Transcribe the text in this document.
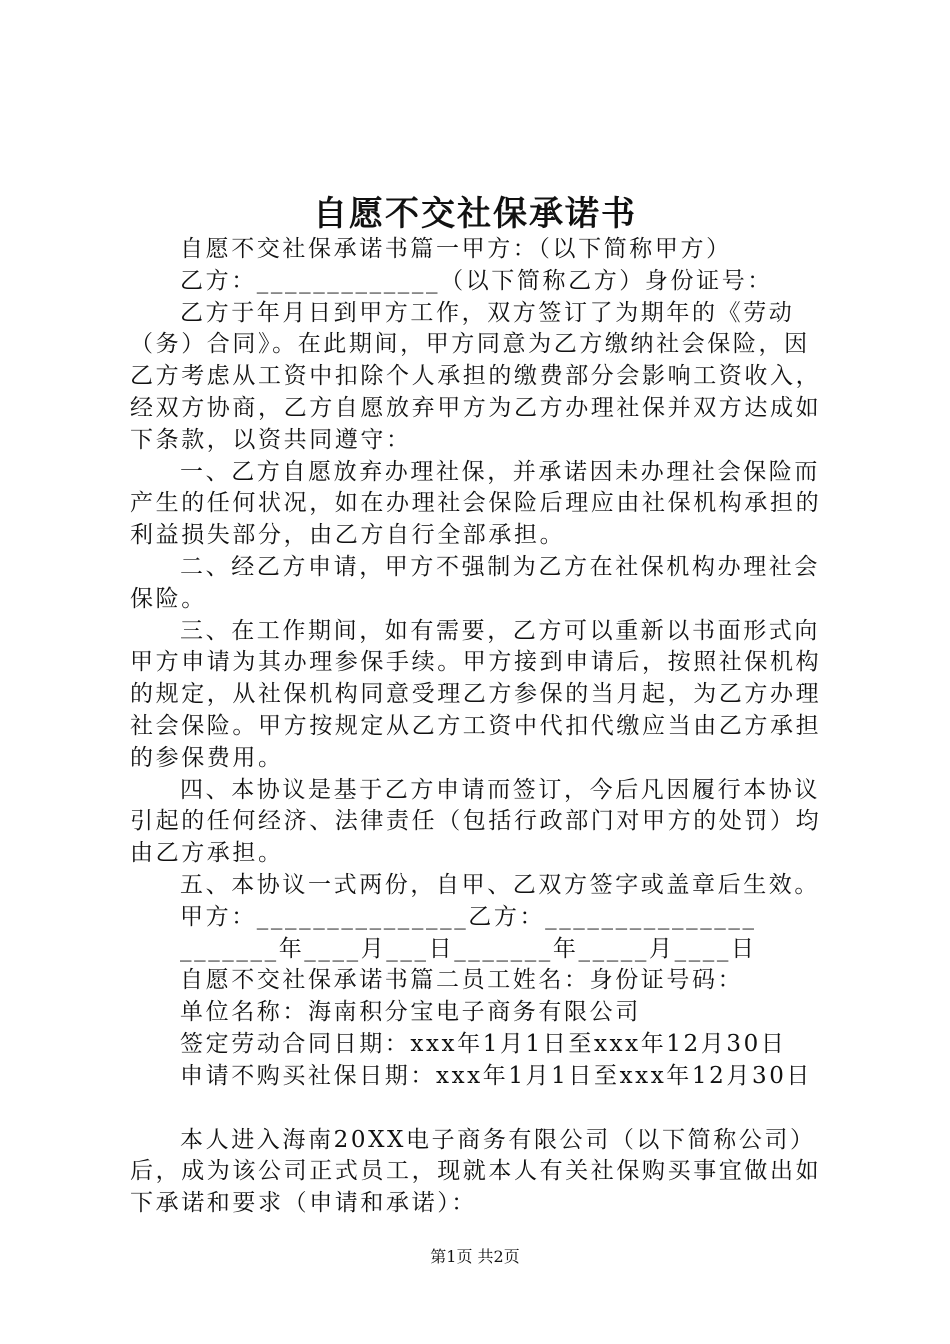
自愿不交社保承诺书

自愿不交社保承诺书篇一甲方：（以下简称甲方）

乙方：_____________（以下简称乙方）身份证号：

乙方于年月日到甲方工作，双方签订了为期年的《劳动（务）合同》。在此期间，甲方同意为乙方缴纳社会保险，因乙方考虑从工资中扣除个人承担的缴费部分会影响工资收入，经双方协商，乙方自愿放弃甲方为乙方办理社保并双方达成如下条款，以资共同遵守：

一、乙方自愿放弃办理社保，并承诺因未办理社会保险而产生的任何状况，如在办理社会保险后理应由社保机构承担的利益损失部分，由乙方自行全部承担。

二、经乙方申请，甲方不强制为乙方在社保机构办理社会保险。

三、在工作期间，如有需要，乙方可以重新以书面形式向甲方申请为其办理参保手续。甲方接到申请后，按照社保机构的规定，从社保机构同意受理乙方参保的当月起，为乙方办理社会保险。甲方按规定从乙方工资中代扣代缴应当由乙方承担的参保费用。

四、本协议是基于乙方申请而签订，今后凡因履行本协议引起的任何经济、法律责任（包括行政部门对甲方的处罚）均由乙方承担。

五、本协议一式两份，自甲、乙双方签字或盖章后生效。

甲方：_______________乙方：_______________

_______年____月___日_______年_____月____日

自愿不交社保承诺书篇二员工姓名：身份证号码：

单位名称：海南积分宝电子商务有限公司

签定劳动合同日期：xxx年1月1日至xxx年12月30日

申请不购买社保日期：xxx年1月1日至xxx年12月30日

本人进入海南20XX电子商务有限公司（以下简称公司）后，成为该公司正式员工，现就本人有关社保购买事宜做出如下承诺和要求（申请和承诺）：

第1页 共2页
